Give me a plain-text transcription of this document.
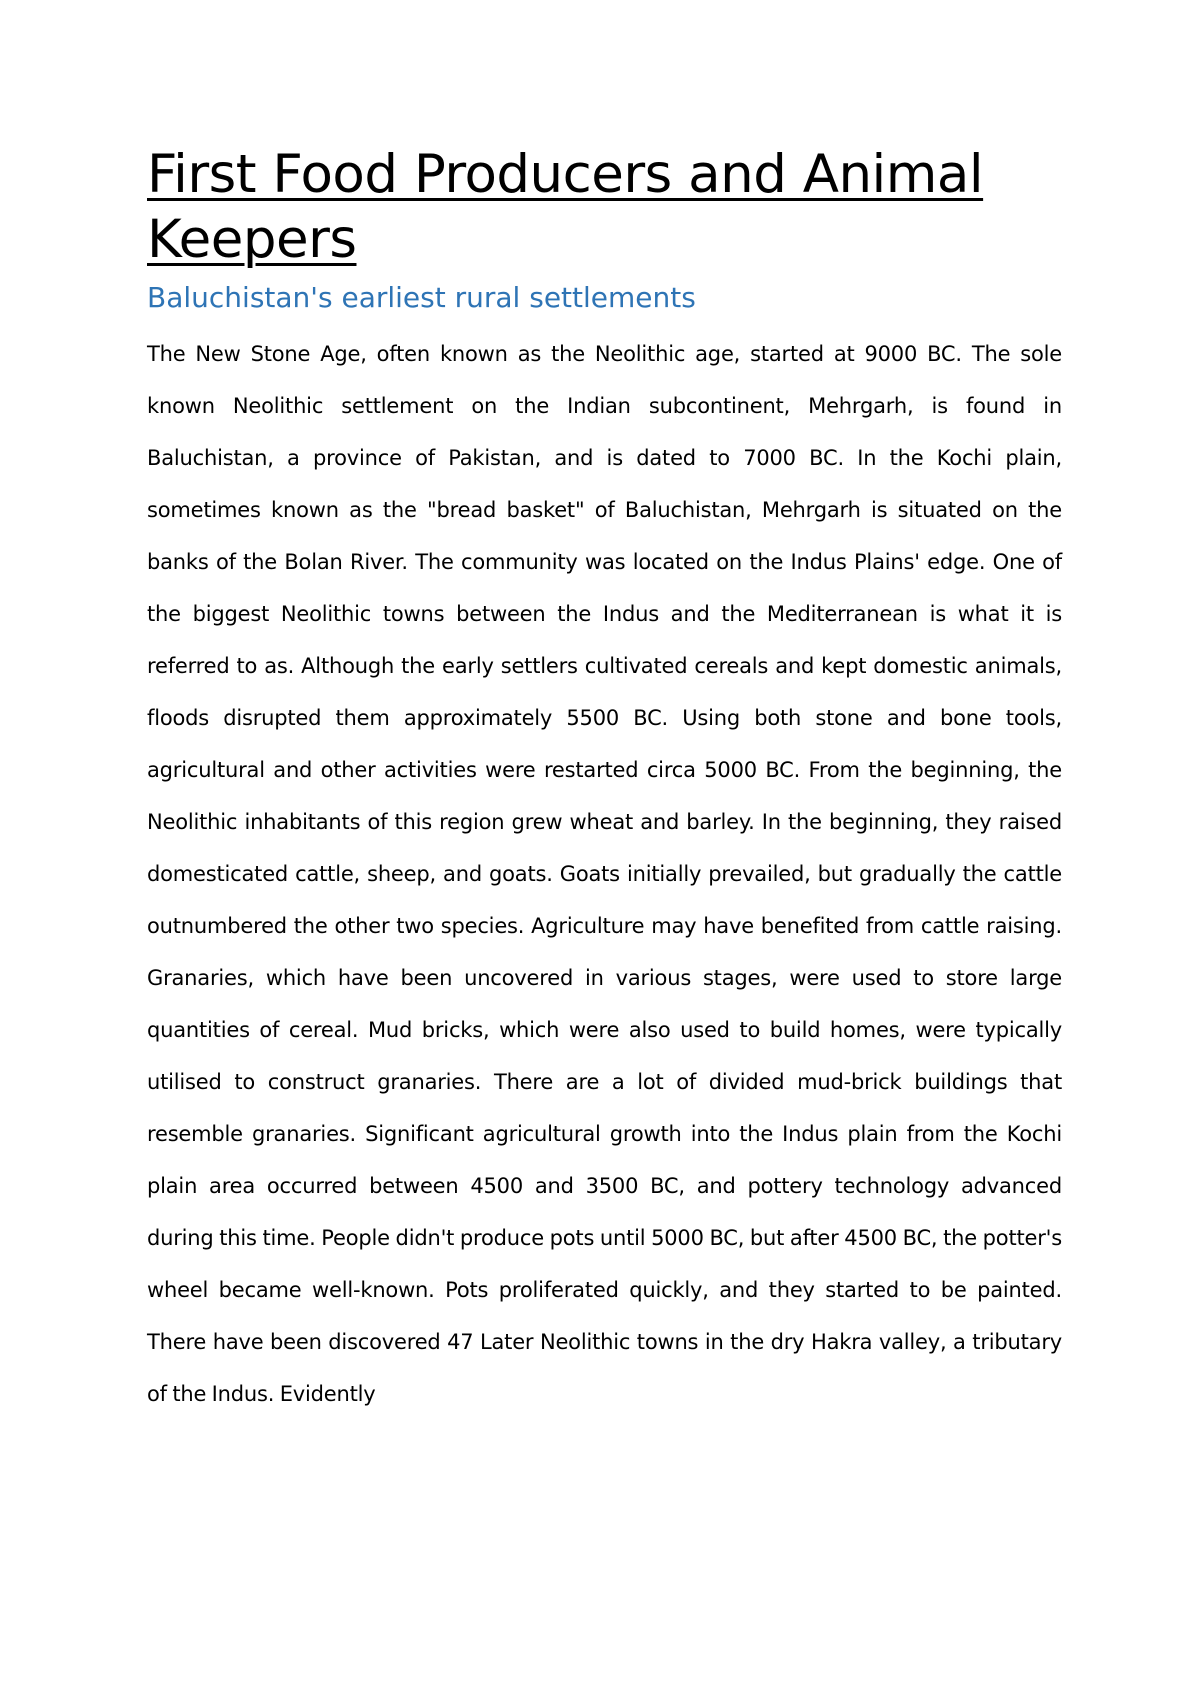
First Food Producers and Animal Keepers
Baluchistan's earliest rural settlements

The New Stone Age, often known as the Neolithic age, started at 9000 BC. The sole known Neolithic settlement on the Indian subcontinent, Mehrgarh, is found in Baluchistan, a province of Pakistan, and is dated to 7000 BC. In the Kochi plain, sometimes known as the "bread basket" of Baluchistan, Mehrgarh is situated on the banks of the Bolan River. The community was located on the Indus Plains' edge. One of the biggest Neolithic towns between the Indus and the Mediterranean is what it is referred to as. Although the early settlers cultivated cereals and kept domestic animals, floods disrupted them approximately 5500 BC. Using both stone and bone tools, agricultural and other activities were restarted circa 5000 BC. From the beginning, the Neolithic inhabitants of this region grew wheat and barley. In the beginning, they raised domesticated cattle, sheep, and goats. Goats initially prevailed, but gradually the cattle outnumbered the other two species. Agriculture may have benefited from cattle raising. Granaries, which have been uncovered in various stages, were used to store large quantities of cereal. Mud bricks, which were also used to build homes, were typically utilised to construct granaries. There are a lot of divided mud-brick buildings that resemble granaries. Significant agricultural growth into the Indus plain from the Kochi plain area occurred between 4500 and 3500 BC, and pottery technology advanced during this time. People didn't produce pots until 5000 BC, but after 4500 BC, the potter's wheel became well-known. Pots proliferated quickly, and they started to be painted. There have been discovered 47 Later Neolithic towns in the dry Hakra valley, a tributary of the Indus. Evidently
